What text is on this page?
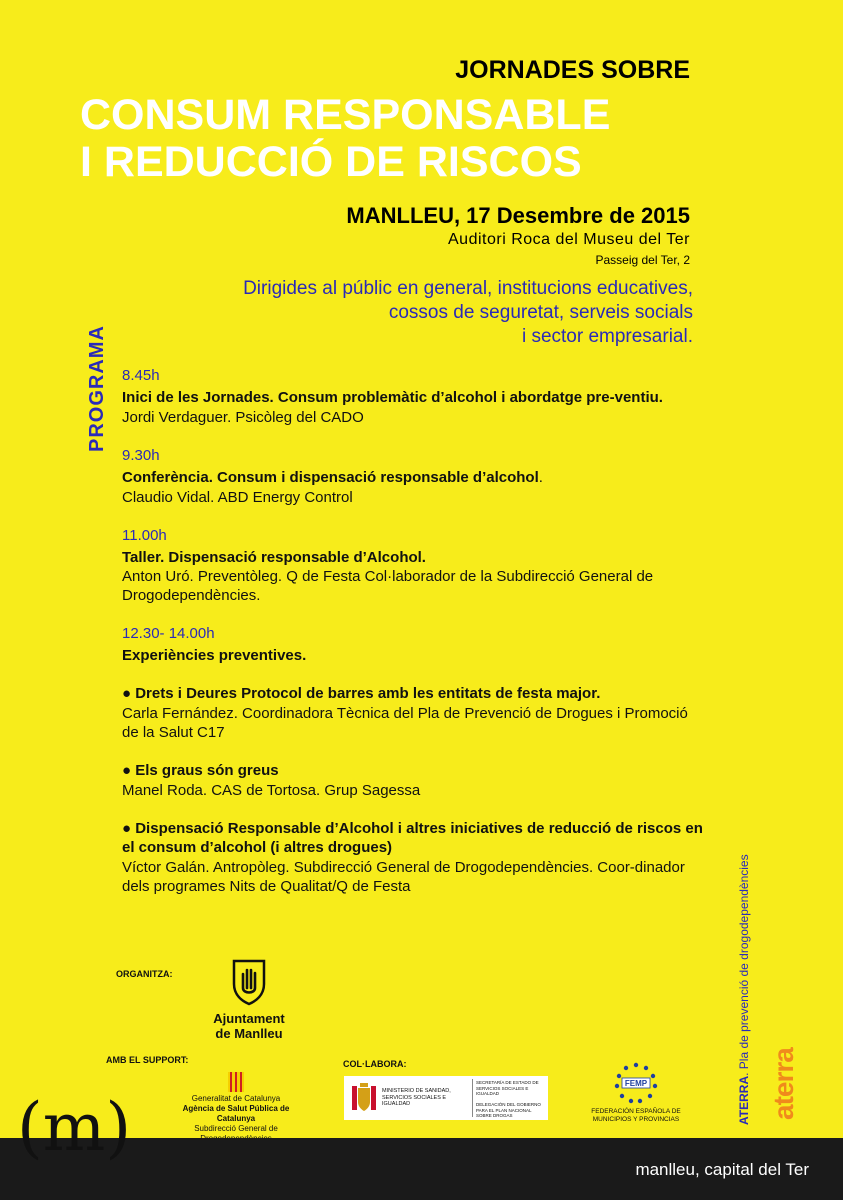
JORNADES SOBRE
CONSUM RESPONSABLE
I REDUCCIÓ DE RISCOS
MANLLEU, 17 Desembre de 2015
Auditori Roca del Museu del Ter
Passeig del Ter, 2
Dirigides al públic en general, institucions educatives,
cossos de seguretat, serveis socials
i sector empresarial.
PROGRAMA 8.45h
Inici de les Jornades. Consum problemàtic d’alcohol i abordatge pre-ventiu.
Jordi Verdaguer. Psicòleg del CADO
9.30h
Conferència. Consum i dispensació responsable d’alcohol.
Claudio Vidal. ABD Energy Control
11.00h
Taller. Dispensació responsable d’Alcohol.
Anton Uró. Preventòleg. Q de Festa Col·laborador de la Subdirecció General de Drogodependències.
12.30- 14.00h
Experiències preventives.
● Drets i Deures Protocol de barres amb les entitats de festa major.
Carla Fernández. Coordinadora Tècnica del Pla de Prevenció de Drogues i Promoció de la Salut C17
● Els graus són greus
Manel Roda. CAS de Tortosa. Grup Sagessa
● Dispensació Responsable d’Alcohol i altres iniciatives de reducció de riscos en el consum d’alcohol (i altres drogues)
Víctor Galán. Antropòleg. Subdirecció General de Drogodependències. Coor-dinador dels programes Nits de Qualitat/Q de Festa
ORGANITZA:
Ajuntament
de Manlleu
AMB EL SUPPORT:
Generalitat de Catalunya
Agència de Salut Pública de Catalunya
Subdirecció General de
COL·LABORA:
MINISTERIO DE SANIDAD, SERVICIOS SOCIALES E IGUALDAD
SECRETARÍA DE ESTADO DE SERVICIOS SOCIALES E IGUALDAD
DELEGACIÓN DEL GOBIERNO PARA EL PLAN NACIONAL SOBRE DROGAS
FEMP
FEDERACIÓN ESPAÑOLA DE
MUNICIPIOS Y PROVINCIAS	ATERRA. Pla de prevenció de drogodependències
aterra
manlleu, capital del Ter
(m)
